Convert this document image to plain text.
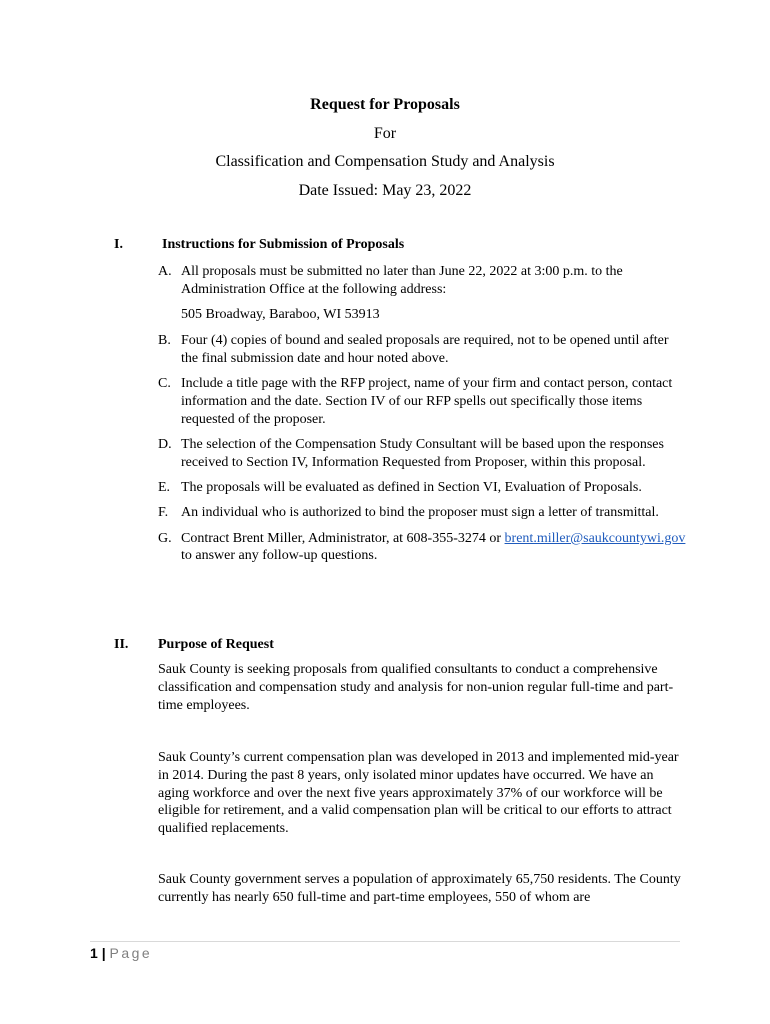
Request for Proposals
For
Classification and Compensation Study and Analysis
Date Issued: May 23, 2022
I.	Instructions for Submission of Proposals
A. All proposals must be submitted no later than June 22, 2022 at 3:00 p.m. to the Administration Office at the following address:
505 Broadway, Baraboo, WI 53913
B. Four (4) copies of bound and sealed proposals are required, not to be opened until after the final submission date and hour noted above.
C. Include a title page with the RFP project, name of your firm and contact person, contact information and the date. Section IV of our RFP spells out specifically those items requested of the proposer.
D. The selection of the Compensation Study Consultant will be based upon the responses received to Section IV, Information Requested from Proposer, within this proposal.
E. The proposals will be evaluated as defined in Section VI, Evaluation of Proposals.
F. An individual who is authorized to bind the proposer must sign a letter of transmittal.
G. Contract Brent Miller, Administrator, at 608-355-3274 or brent.miller@saukcountywi.gov to answer any follow-up questions.
II. Purpose of Request
Sauk County is seeking proposals from qualified consultants to conduct a comprehensive classification and compensation study and analysis for non-union regular full-time and part-time employees.
Sauk County’s current compensation plan was developed in 2013 and implemented mid-year in 2014. During the past 8 years, only isolated minor updates have occurred. We have an aging workforce and over the next five years approximately 37% of our workforce will be eligible for retirement, and a valid compensation plan will be critical to our efforts to attract qualified replacements.
Sauk County government serves a population of approximately 65,750 residents. The County currently has nearly 650 full-time and part-time employees, 550 of whom are
1 | Page
